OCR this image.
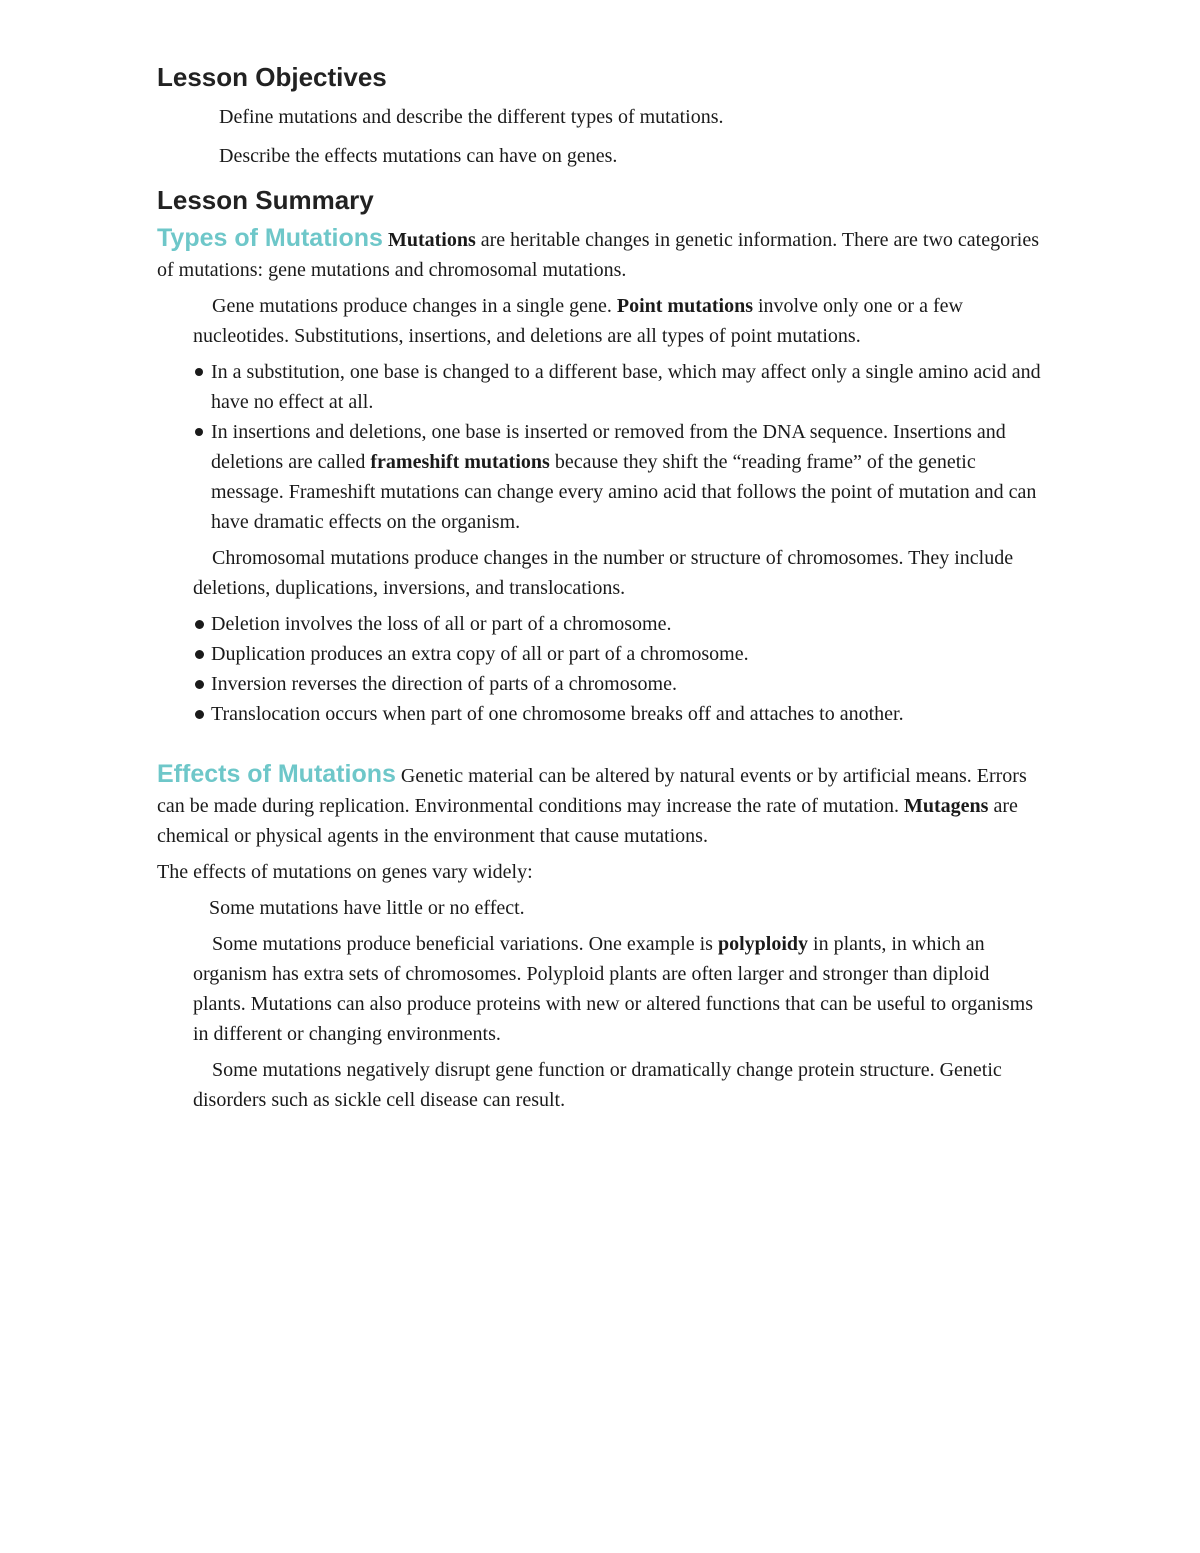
Lesson Objectives

Define mutations and describe the different types of mutations.

Describe the effects mutations can have on genes.

Lesson Summary

Types of Mutations Mutations are heritable changes in genetic information. There are two categories of mutations: gene mutations and chromosomal mutations.

Gene mutations produce changes in a single gene. Point mutations involve only one or a few nucleotides. Substitutions, insertions, and deletions are all types of point mutations.

In a substitution, one base is changed to a different base, which may affect only a single amino acid and have no effect at all.
In insertions and deletions, one base is inserted or removed from the DNA sequence. Insertions and deletions are called frameshift mutations because they shift the “reading frame” of the genetic message. Frameshift mutations can change every amino acid that follows the point of mutation and can have dramatic effects on the organism.

Chromosomal mutations produce changes in the number or structure of chromosomes. They include deletions, duplications, inversions, and translocations.

Deletion involves the loss of all or part of a chromosome.
Duplication produces an extra copy of all or part of a chromosome.
Inversion reverses the direction of parts of a chromosome.
Translocation occurs when part of one chromosome breaks off and attaches to another.

Effects of Mutations Genetic material can be altered by natural events or by artificial means. Errors can be made during replication. Environmental conditions may increase the rate of mutation. Mutagens are chemical or physical agents in the environment that cause mutations.

The effects of mutations on genes vary widely:

Some mutations have little or no effect.

Some mutations produce beneficial variations. One example is polyploidy in plants, in which an organism has extra sets of chromosomes. Polyploid plants are often larger and stronger than diploid plants. Mutations can also produce proteins with new or altered functions that can be useful to organisms in different or changing environments.

Some mutations negatively disrupt gene function or dramatically change protein structure. Genetic disorders such as sickle cell disease can result.
